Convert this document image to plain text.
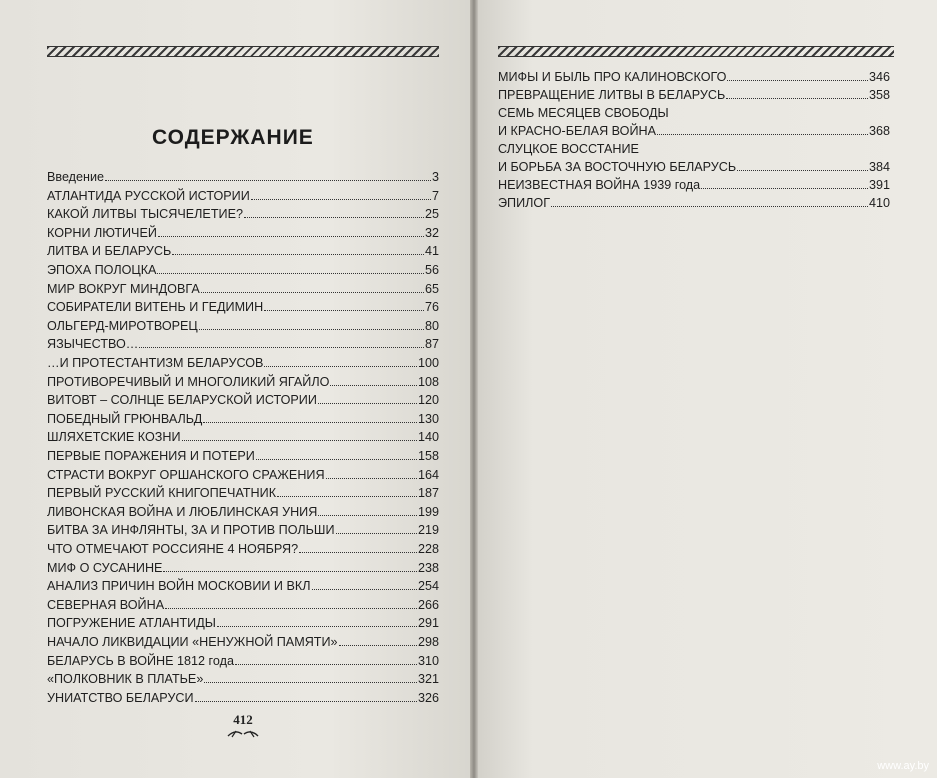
СОДЕРЖАНИЕ
Введение	3
АТЛАНТИДА РУССКОЙ ИСТОРИИ	7
КАКОЙ ЛИТВЫ ТЫСЯЧЕЛЕТИЕ?	25
КОРНИ ЛЮТИЧЕЙ	32
ЛИТВА И БЕЛАРУСЬ	41
ЭПОХА ПОЛОЦКА	56
МИР ВОКРУГ МИНДОВГА	65
СОБИРАТЕЛИ ВИТЕНЬ И ГЕДИМИН	76
ОЛЬГЕРД-МИРОТВОРЕЦ	80
ЯЗЫЧЕСТВО…	87
…И ПРОТЕСТАНТИЗМ БЕЛАРУСОВ	100
ПРОТИВОРЕЧИВЫЙ И МНОГОЛИКИЙ ЯГАЙЛО	108
ВИТОВТ – СОЛНЦЕ БЕЛАРУСКОЙ ИСТОРИИ	120
ПОБЕДНЫЙ ГРЮНВАЛЬД	130
ШЛЯХЕТСКИЕ КОЗНИ	140
ПЕРВЫЕ ПОРАЖЕНИЯ И ПОТЕРИ	158
СТРАСТИ ВОКРУГ ОРШАНСКОГО СРАЖЕНИЯ	164
ПЕРВЫЙ РУССКИЙ КНИГОПЕЧАТНИК	187
ЛИВОНСКАЯ ВОЙНА И ЛЮБЛИНСКАЯ УНИЯ	199
БИТВА ЗА ИНФЛЯНТЫ, ЗА И ПРОТИВ ПОЛЬШИ	219
ЧТО ОТМЕЧАЮТ РОССИЯНЕ 4 НОЯБРЯ?	228
МИФ О СУСАНИНЕ	238
АНАЛИЗ ПРИЧИН ВОЙН МОСКОВИИ И ВКЛ	254
СЕВЕРНАЯ ВОЙНА	266
ПОГРУЖЕНИЕ АТЛАНТИДЫ	291
НАЧАЛО ЛИКВИДАЦИИ «НЕНУЖНОЙ ПАМЯТИ»	298
БЕЛАРУСЬ В ВОЙНЕ 1812 года	310
«ПОЛКОВНИК В ПЛАТЬЕ»	321
УНИАТСТВО БЕЛАРУСИ	326
МИФЫ И БЫЛЬ ПРО КАЛИНОВСКОГО	346
ПРЕВРАЩЕНИЕ ЛИТВЫ В БЕЛАРУСЬ	358
СЕМЬ МЕСЯЦЕВ СВОБОДЫ
И КРАСНО-БЕЛАЯ ВОЙНА	368
СЛУЦКОЕ ВОССТАНИЕ
И БОРЬБА ЗА ВОСТОЧНУЮ БЕЛАРУСЬ	384
НЕИЗВЕСТНАЯ ВОЙНА 1939 года	391
ЭПИЛОГ	410
412
www.ay.by
